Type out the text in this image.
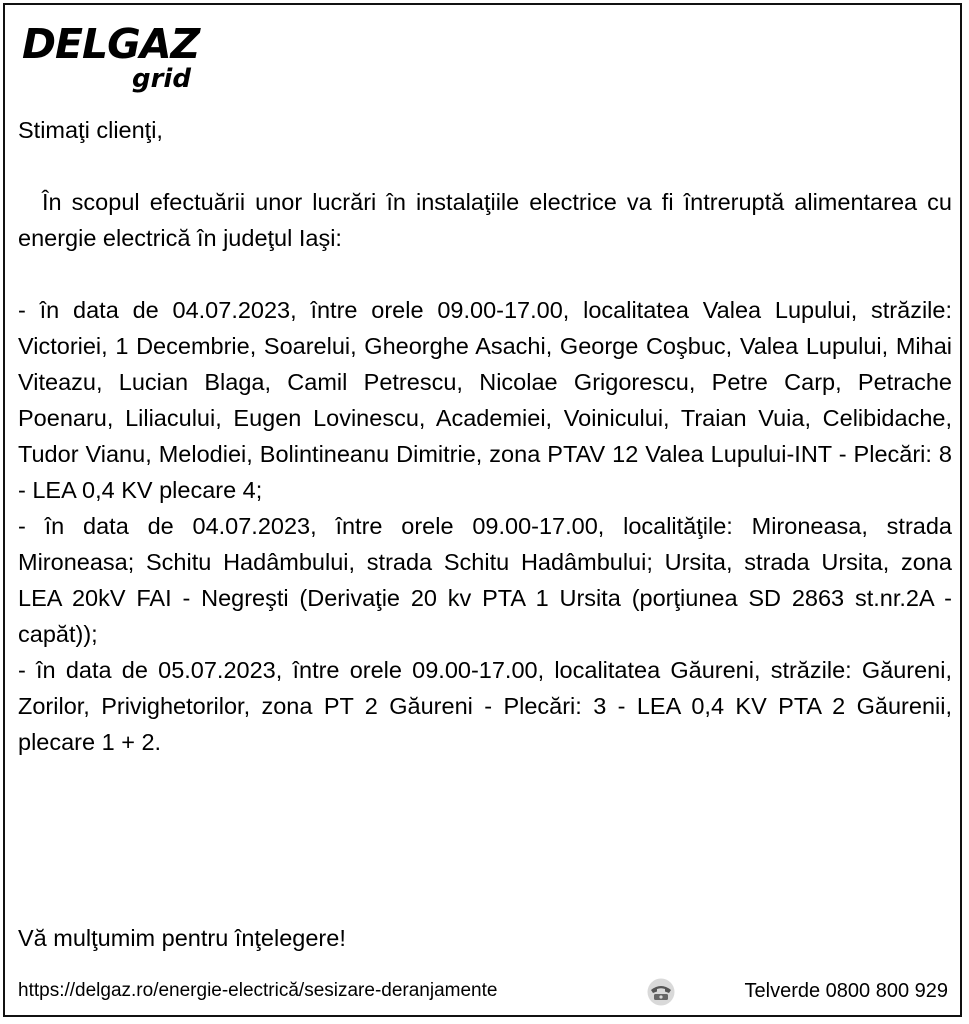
DELGAZ
grid

Stimaţi clienţi,

În scopul efectuării unor lucrări în instalaţiile electrice va fi întreruptă alimentarea cu energie electrică în judeţul Iaşi:

- în data de 04.07.2023, între orele 09.00-17.00, localitatea Valea Lupului, străzile: Victoriei, 1 Decembrie, Soarelui, Gheorghe Asachi, George Coşbuc, Valea Lupului, Mihai Viteazu, Lucian Blaga, Camil Petrescu, Nicolae Grigorescu, Petre Carp, Petrache Poenaru, Liliacului, Eugen Lovinescu, Academiei, Voinicului, Traian Vuia, Celibidache, Tudor Vianu, Melodiei, Bolintineanu Dimitrie, zona PTAV 12 Valea Lupului-INT - Plecări: 8 - LEA 0,4 KV plecare 4;

- în data de 04.07.2023, între orele 09.00-17.00, localităţile: Mironeasa, strada Mironeasa; Schitu Hadâmbului, strada Schitu Hadâmbului; Ursita, strada Ursita, zona LEA 20kV FAI - Negreşti (Derivaţie 20 kv PTA 1 Ursita (porţiunea SD 2863 st.nr.2A - capăt));

- în data de 05.07.2023, între orele 09.00-17.00, localitatea Găureni, străzile: Găureni, Zorilor, Privighetorilor, zona PT 2 Găureni - Plecări: 3 - LEA 0,4 KV PTA 2 Găurenii, plecare 1 + 2.

Vă mulţumim pentru înţelegere!

https://delgaz.ro/energie-electrică/sesizare-deranjamente	Telverde 0800 800 929
